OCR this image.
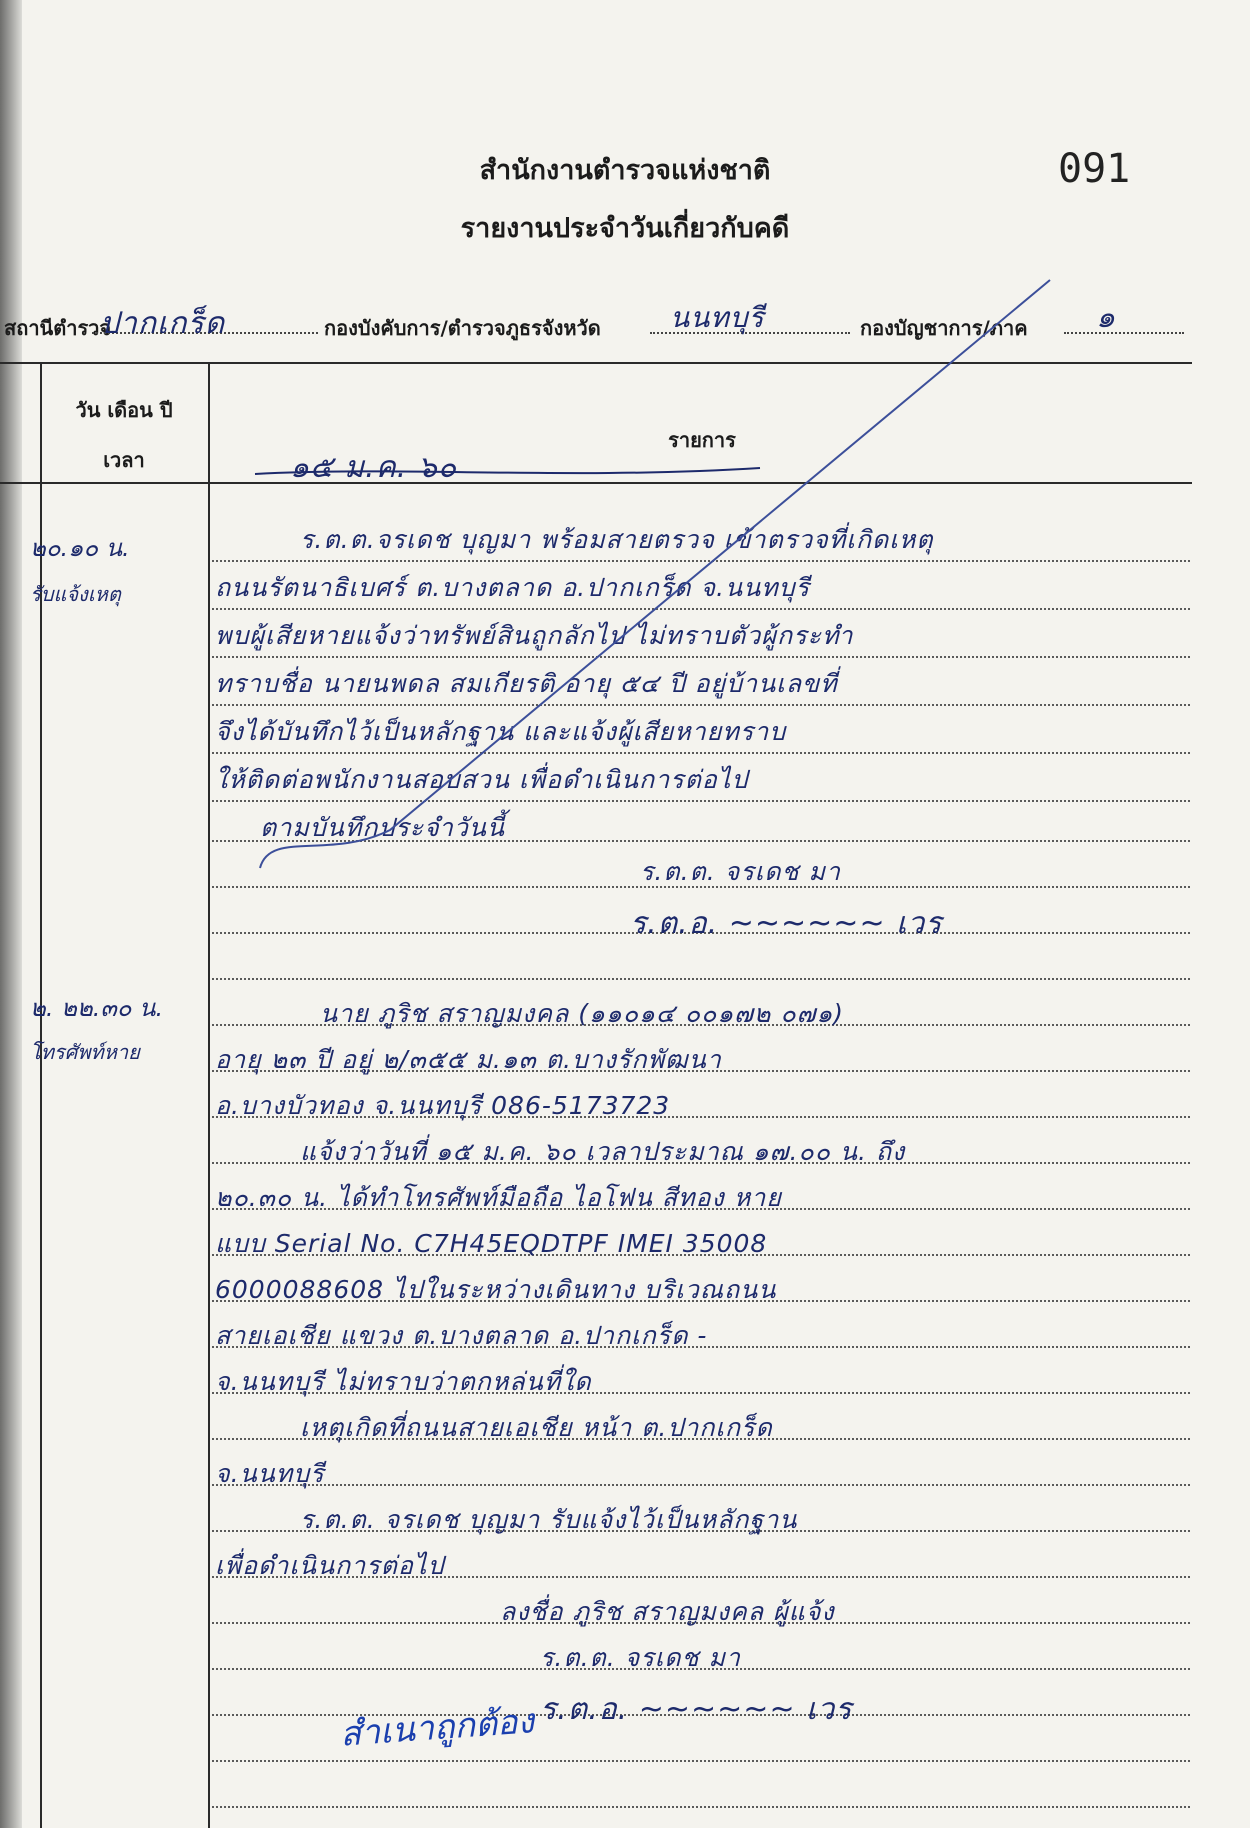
สำนักงานตำรวจแห่งชาติ
รายงานประจำวันเกี่ยวกับคดี
091
สถานีตำรวจ
ปากเกร็ด	กองบังคับการ/ตำรวจภูธรจังหวัด นนทบุรี	กองบัญชาการ/ภาค ๑
วัน เดือน ปี
เวลา
รายการ
๑๕ ม.ค. ๖๐
๒๐.๑๐ น.
รับแจ้งเหตุ
ร.ต.ต.จรเดช บุญมา พร้อมสายตรวจ เข้าตรวจที่เกิดเหตุ
ถนนรัตนาธิเบศร์ ต.บางตลาด อ.ปากเกร็ด จ.นนทบุรี
พบผู้เสียหายแจ้งว่าทรัพย์สินถูกลักไป ไม่ทราบตัวผู้กระทำ
ทราบชื่อ นายนพดล สมเกียรติ อายุ ๕๔ ปี อยู่บ้านเลขที่
จึงได้บันทึกไว้เป็นหลักฐาน และแจ้งผู้เสียหายทราบ
ให้ติดต่อพนักงานสอบสวน เพื่อดำเนินการต่อไป
ตามบันทึกประจำวันนี้
ร.ต.ต. จรเดช มา
ร.ต.อ. ~~~~~~ เวร
๒. ๒๒.๓๐ น.
โทรศัพท์หาย
นาย ภูริช สราญมงคล (๑๑๐๑๔ ๐๐๑๗๒ ๐๗๑)
อายุ ๒๓ ปี อยู่ ๒/๓๕๕ ม.๑๓ ต.บางรักพัฒนา
อ.บางบัวทอง จ.นนทบุรี 086-5173723
แจ้งว่าวันที่ ๑๕ ม.ค. ๖๐ เวลาประมาณ ๑๗.๐๐ น. ถึง
๒๐.๓๐ น. ได้ทำโทรศัพท์มือถือ ไอโฟน สีทอง หาย
แบบ Serial No. C7H45EQDTPF IMEI 35008
6000088608 ไปในระหว่างเดินทาง บริเวณถนน
สายเอเชีย แขวง ต.บางตลาด อ.ปากเกร็ด -
จ.นนทบุรี ไม่ทราบว่าตกหล่นที่ใด
เหตุเกิดที่ถนนสายเอเชีย หน้า ต.ปากเกร็ด
จ.นนทบุรี
ร.ต.ต. จรเดช บุญมา รับแจ้งไว้เป็นหลักฐาน
เพื่อดำเนินการต่อไป
ลงชื่อ ภูริช สราญมงคล ผู้แจ้ง
ร.ต.ต. จรเดช มา
ร.ต.อ. ~~~~~~ เวร
สำเนาถูกต้อง
